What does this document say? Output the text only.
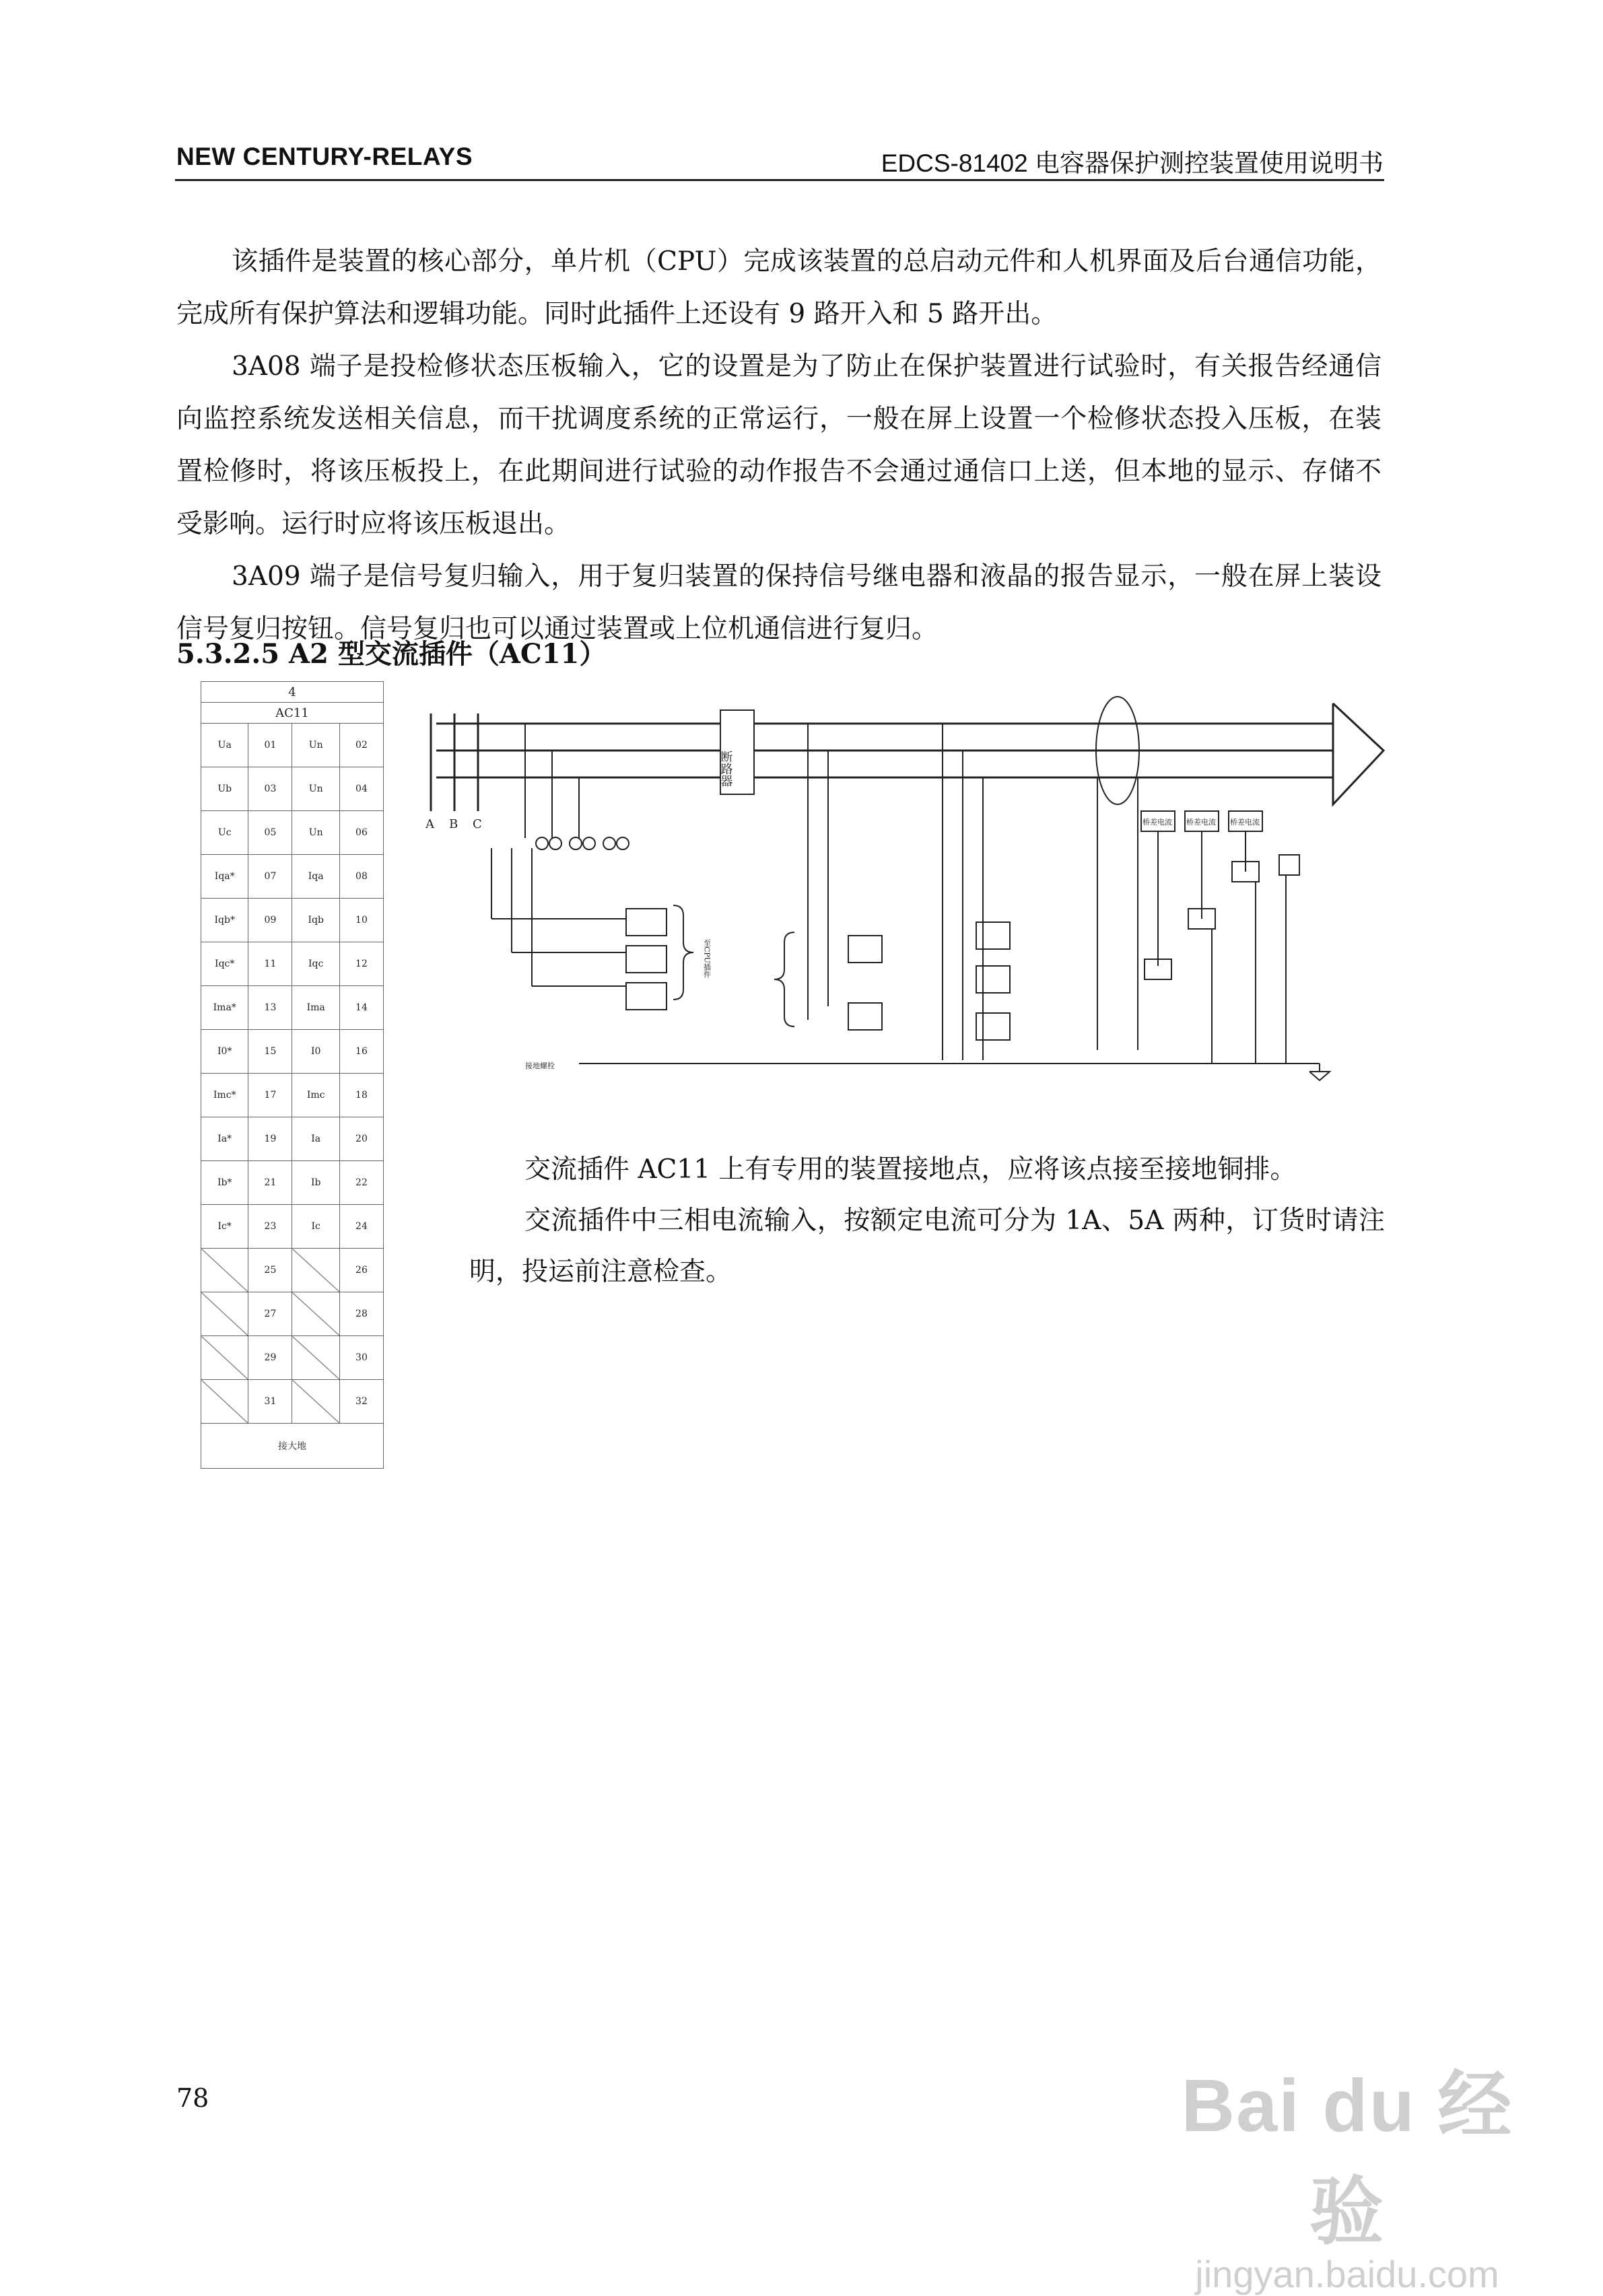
NEW CENTURY-RELAYS	EDCS-81402 电容器保护测控装置使用说明书

该插件是装置的核心部分，单片机（CPU）完成该装置的总启动元件和人机界面及后台通信功能，完成所有保护算法和逻辑功能。同时此插件上还设有 9 路开入和 5 路开出。

3A08 端子是投检修状态压板输入，它的设置是为了防止在保护装置进行试验时，有关报告经通信向监控系统发送相关信息，而干扰调度系统的正常运行，一般在屏上设置一个检修状态投入压板，在装置检修时，将该压板投上，在此期间进行试验的动作报告不会通过通信口上送，但本地的显示、存储不受影响。运行时应将该压板退出。

3A09 端子是信号复归输入，用于复归装置的保持信号继电器和液晶的报告显示，一般在屏上装设信号复归按钮。信号复归也可以通过装置或上位机通信进行复归。

5.3.2.5 A2 型交流插件（AC11）

4			
AC11			
Ua	01	Un	02
Ub	03	Un	04
Uc	05	Un	06
Iqa*	07	Iqa	08
Iqb*	09	Iqb	10
Iqc*	11	Iqc	12
Ima*	13	Ima	14
I0*	15	I0	16
Imc*	17	Imc	18
Ia*	19	Ia	20
Ib*	21	Ib	22
Ic*	23	Ic	24
	25		26
	27		28
	29		30
	31		32
接大地			
A B C
断路器
桥差电流 桥差电流 桥差电流
接地螺栓
至CPU插件

交流插件 AC11 上有专用的装置接地点，应将该点接至接地铜排。

交流插件中三相电流输入，按额定电流可分为 1A、5A 两种，订货时请注明，投运前注意检查。

78	Bai du 经验
jingyan.baidu.com
